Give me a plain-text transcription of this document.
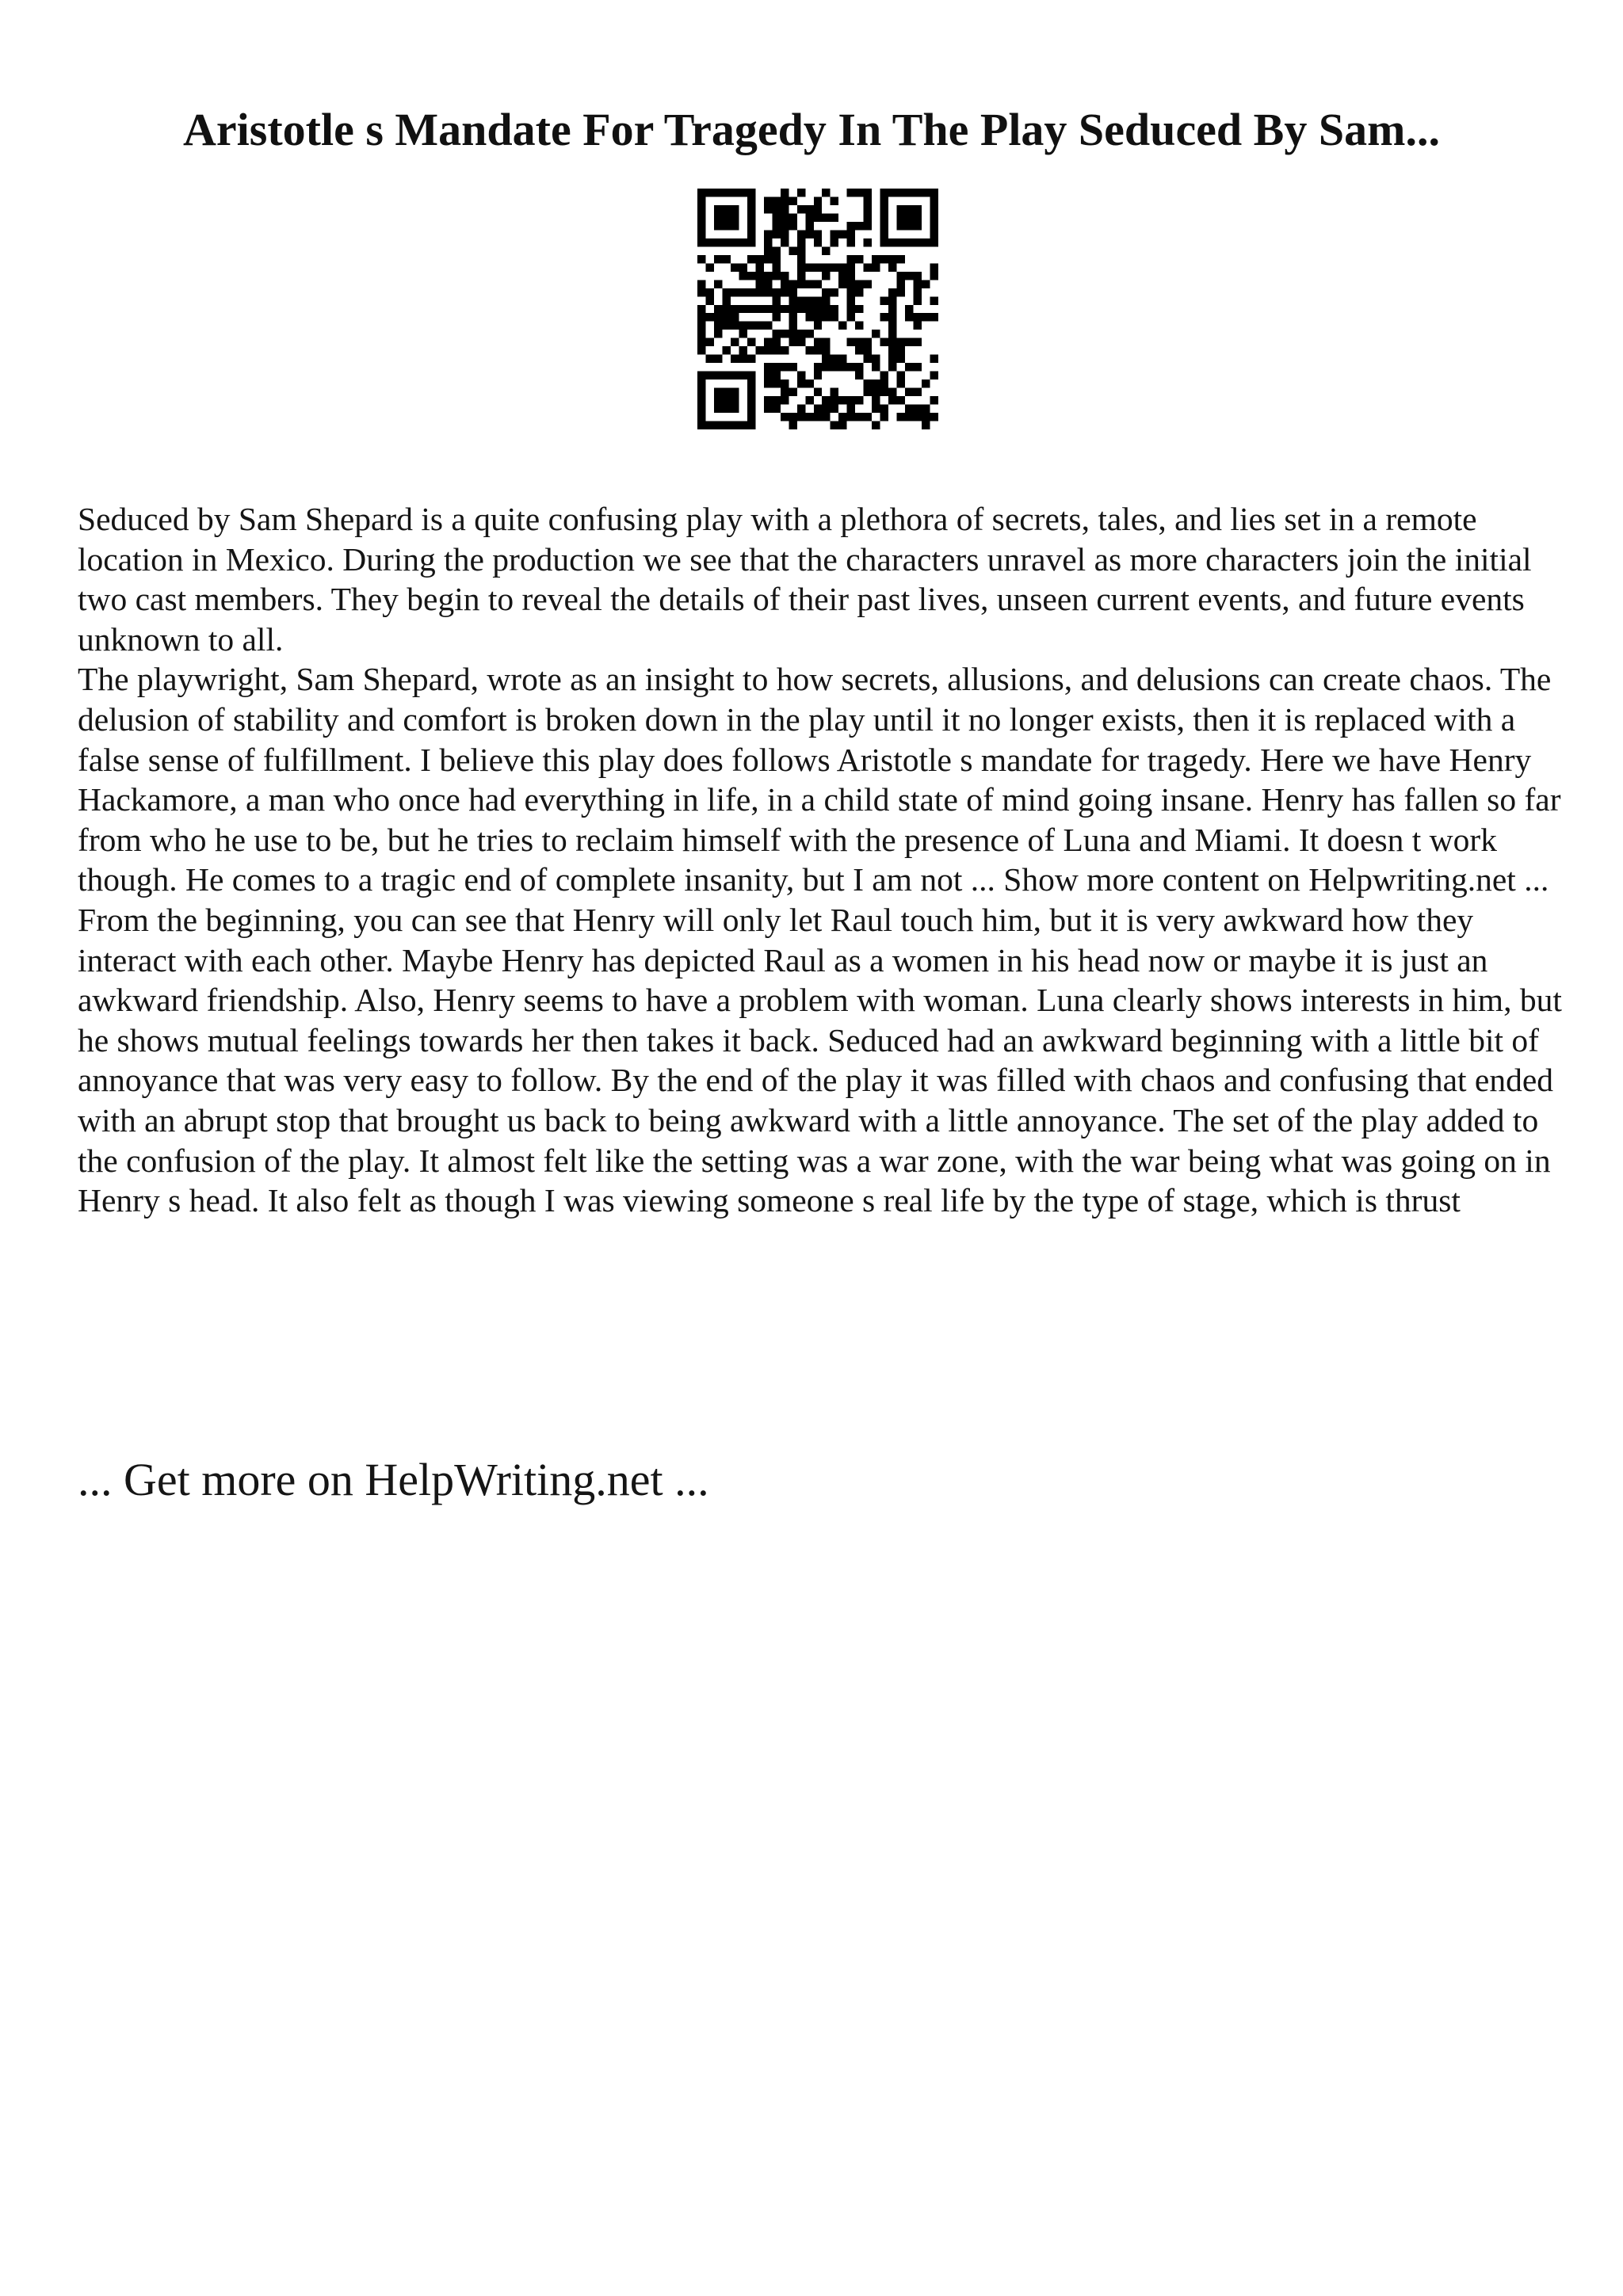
Aristotle s Mandate For Tragedy In The Play Seduced By Sam...

Seduced by Sam Shepard is a quite confusing play with a plethora of secrets, tales, and lies set in a remote location in Mexico. During the production we see that the characters unravel as more characters join the initial two cast members. They begin to reveal the details of their past lives, unseen current events, and future events unknown to all.

The playwright, Sam Shepard, wrote as an insight to how secrets, allusions, and delusions can create chaos. The delusion of stability and comfort is broken down in the play until it no longer exists, then it is replaced with a false sense of fulfillment. I believe this play does follows Aristotle s mandate for tragedy. Here we have Henry Hackamore, a man who once had everything in life, in a child state of mind going insane. Henry has fallen so far from who he use to be, but he tries to reclaim himself with the presence of Luna and Miami. It doesn t work though. He comes to a tragic end of complete insanity, but I am not ... Show more content on Helpwriting.net ...

From the beginning, you can see that Henry will only let Raul touch him, but it is very awkward how they interact with each other. Maybe Henry has depicted Raul as a women in his head now or maybe it is just an awkward friendship. Also, Henry seems to have a problem with woman. Luna clearly shows interests in him, but he shows mutual feelings towards her then takes it back. Seduced had an awkward beginning with a little bit of annoyance that was very easy to follow. By the end of the play it was filled with chaos and confusing that ended with an abrupt stop that brought us back to being awkward with a little annoyance. The set of the play added to the confusion of the play. It almost felt like the setting was a war zone, with the war being what was going on in Henry s head. It also felt as though I was viewing someone s real life by the type of stage, which is thrust

... Get more on HelpWriting.net ...
